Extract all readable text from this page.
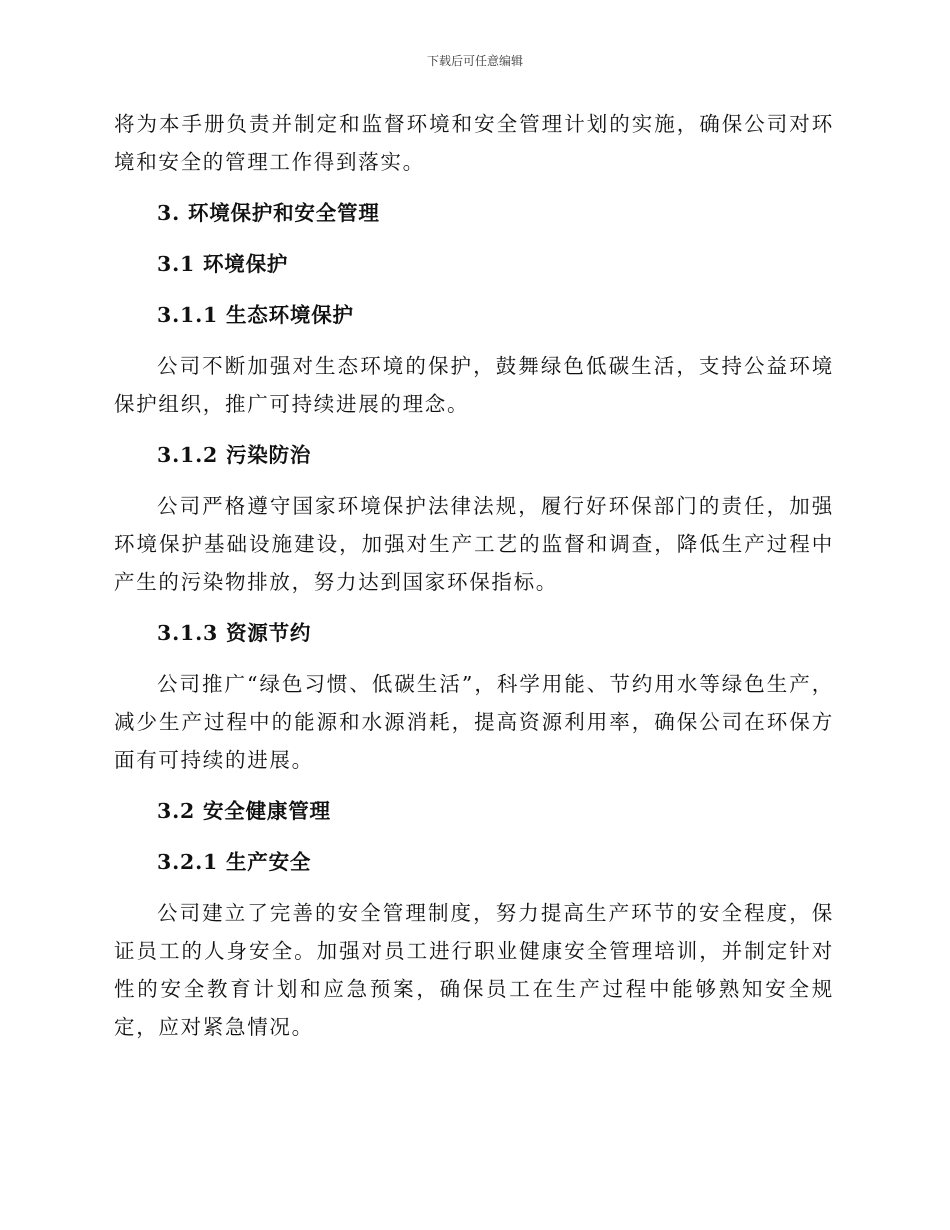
下载后可任意编辑

将为本手册负责并制定和监督环境和安全管理计划的实施，确保公司对环境和安全的管理工作得到落实。

3. 环境保护和安全管理
3.1 环境保护
3.1.1 生态环境保护

公司不断加强对生态环境的保护，鼓舞绿色低碳生活，支持公益环境保护组织，推广可持续进展的理念。

3.1.2 污染防治

公司严格遵守国家环境保护法律法规，履行好环保部门的责任，加强环境保护基础设施建设，加强对生产工艺的监督和调查，降低生产过程中产生的污染物排放，努力达到国家环保指标。

3.1.3 资源节约

公司推广“绿色习惯、低碳生活”，科学用能、节约用水等绿色生产，减少生产过程中的能源和水源消耗，提高资源利用率，确保公司在环保方面有可持续的进展。

3.2 安全健康管理
3.2.1 生产安全

公司建立了完善的安全管理制度，努力提高生产环节的安全程度，保证员工的人身安全。加强对员工进行职业健康安全管理培训，并制定针对性的安全教育计划和应急预案，确保员工在生产过程中能够熟知安全规定，应对紧急情况。
